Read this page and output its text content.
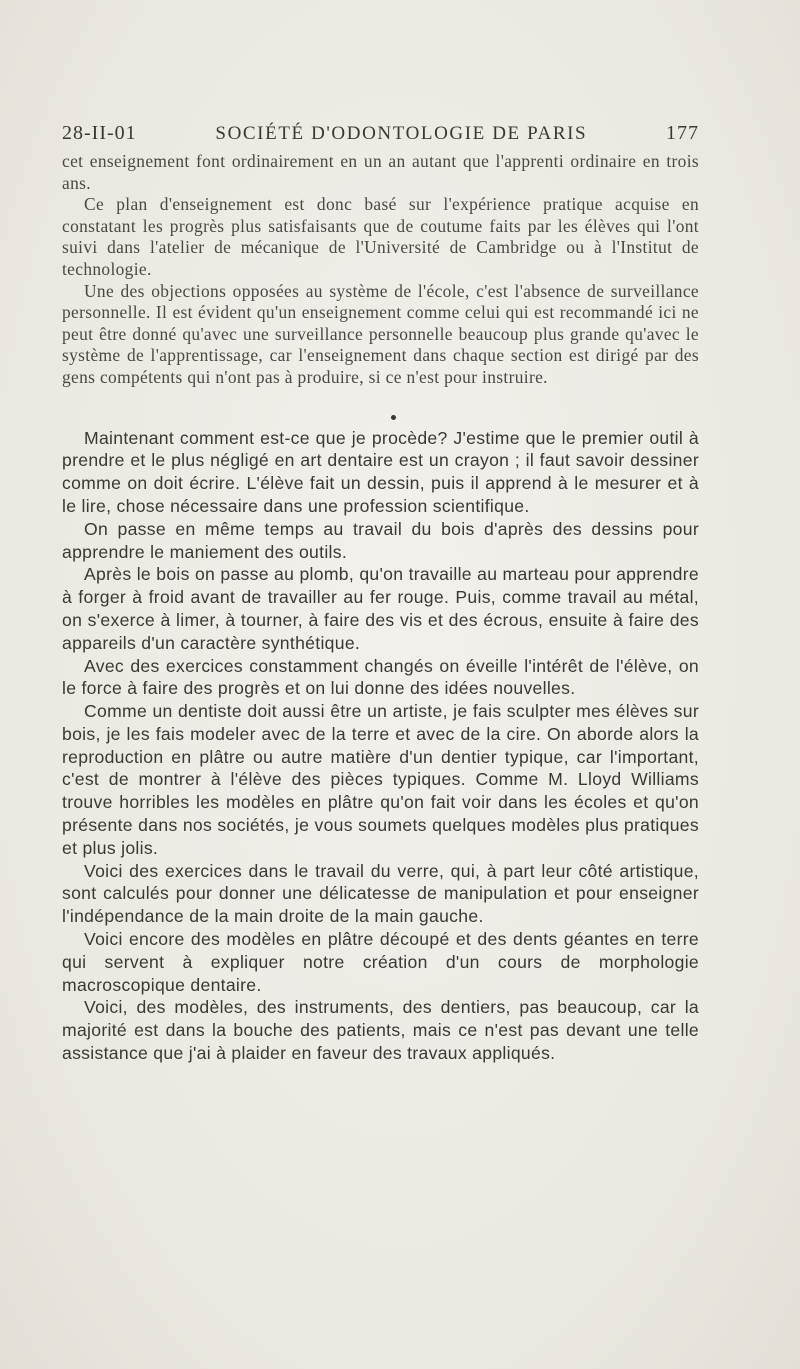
28-II-01	SOCIÉTÉ D'ODONTOLOGIE DE PARIS	177

cet enseignement font ordinairement en un an autant que l'apprenti ordinaire en trois ans.

Ce plan d'enseignement est donc basé sur l'expérience pratique acquise en constatant les progrès plus satisfaisants que de coutume faits par les élèves qui l'ont suivi dans l'atelier de mécanique de l'Université de Cambridge ou à l'Institut de technologie.

Une des objections opposées au système de l'école, c'est l'absence de surveillance personnelle. Il est évident qu'un enseignement comme celui qui est recommandé ici ne peut être donné qu'avec une surveillance personnelle beaucoup plus grande qu'avec le système de l'apprentissage, car l'enseignement dans chaque section est dirigé par des gens compétents qui n'ont pas à produire, si ce n'est pour instruire.

Maintenant comment est-ce que je procède? J'estime que le premier outil à prendre et le plus négligé en art dentaire est un crayon ; il faut savoir dessiner comme on doit écrire. L'élève fait un dessin, puis il apprend à le mesurer et à le lire, chose nécessaire dans une profession scientifique.

On passe en même temps au travail du bois d'après des dessins pour apprendre le maniement des outils.

Après le bois on passe au plomb, qu'on travaille au marteau pour apprendre à forger à froid avant de travailler au fer rouge. Puis, comme travail au métal, on s'exerce à limer, à tourner, à faire des vis et des écrous, ensuite à faire des appareils d'un caractère synthétique.

Avec des exercices constamment changés on éveille l'intérêt de l'élève, on le force à faire des progrès et on lui donne des idées nouvelles.

Comme un dentiste doit aussi être un artiste, je fais sculpter mes élèves sur bois, je les fais modeler avec de la terre et avec de la cire. On aborde alors la reproduction en plâtre ou autre matière d'un dentier typique, car l'important, c'est de montrer à l'élève des pièces typiques. Comme M. Lloyd Williams trouve horribles les modèles en plâtre qu'on fait voir dans les écoles et qu'on présente dans nos sociétés, je vous soumets quelques modèles plus pratiques et plus jolis.

Voici des exercices dans le travail du verre, qui, à part leur côté artistique, sont calculés pour donner une délicatesse de manipulation et pour enseigner l'indépendance de la main droite de la main gauche.

Voici encore des modèles en plâtre découpé et des dents géantes en terre qui servent à expliquer notre création d'un cours de morphologie macroscopique dentaire.

Voici, des modèles, des instruments, des dentiers, pas beaucoup, car la majorité est dans la bouche des patients, mais ce n'est pas devant une telle assistance que j'ai à plaider en faveur des travaux appliqués.
